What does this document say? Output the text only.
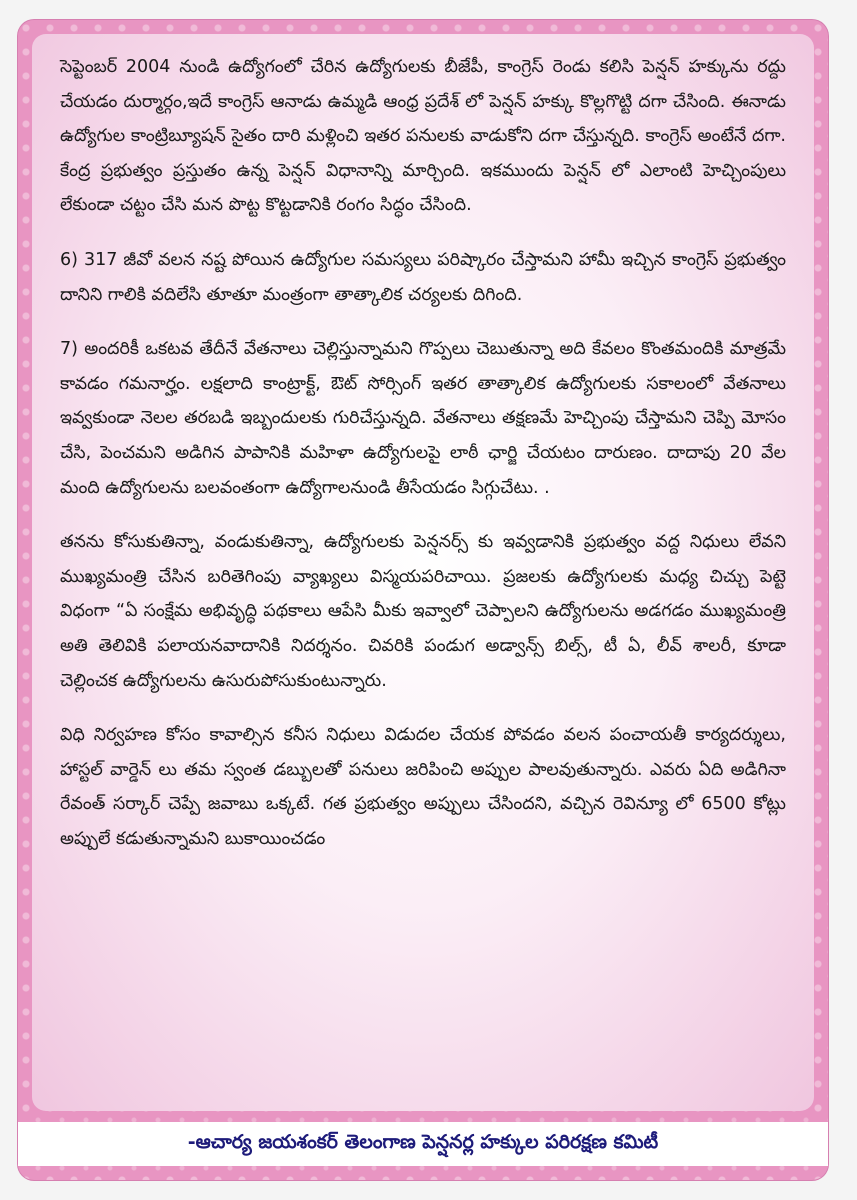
సెప్టెంబర్ 2004 నుండి ఉద్యోగంలో చేరిన ఉద్యోగులకు బీజేపీ, కాంగ్రెస్ రెండు కలిసి పెన్షన్ హక్కును రద్దు చేయడం దుర్మార్గం,ఇదే కాంగ్రెస్ ఆనాడు ఉమ్మడి ఆంధ్ర ప్రదేశ్ లో పెన్షన్ హక్కు కొల్లగొట్టి దగా చేసింది. ఈనాడు ఉద్యోగుల కాంట్రిబ్యూషన్ సైతం దారి మళ్లించి ఇతర పనులకు వాడుకోని దగా చేస్తున్నది. కాంగ్రెస్ అంటేనే దగా. కేంద్ర ప్రభుత్వం ప్రస్తుతం ఉన్న పెన్షన్ విధానాన్ని మార్చింది. ఇకముందు పెన్షన్ లో ఎలాంటి హెచ్చింపులు లేకుండా చట్టం చేసి మన పొట్ట కొట్టడానికి రంగం సిద్ధం చేసింది.

6) 317 జీవో వలన నష్ట పోయిన ఉద్యోగుల సమస్యలు పరిష్కారం చేస్తామని హామీ ఇచ్చిన కాంగ్రెస్ ప్రభుత్వం దానిని గాలికి వదిలేసి తూతూ మంత్రంగా తాత్కాలిక చర్యలకు దిగింది.

7) అందరికీ ఒకటవ తేదీనే వేతనాలు చెల్లిస్తున్నామని గొప్పలు చెబుతున్నా అది కేవలం కొంతమందికి మాత్రమే కావడం గమనార్హం. లక్షలాది కాంట్రాక్ట్, ఔట్ సోర్సింగ్ ఇతర తాత్కాలిక ఉద్యోగులకు సకాలంలో వేతనాలు ఇవ్వకుండా నెలల తరబడి ఇబ్బందులకు గురిచేస్తున్నది. వేతనాలు తక్షణమే హెచ్చింపు చేస్తామని చెప్పి మోసం చేసి, పెంచమని అడిగిన పాపానికి మహిళా ఉద్యోగులపై లాఠీ ఛార్జి చేయటం దారుణం. దాదాపు 20 వేల మంది ఉద్యోగులను బలవంతంగా ఉద్యోగాలనుండి తీసేయడం సిగ్గుచేటు. .

తనను కోసుకుతిన్నా, వండుకుతిన్నా, ఉద్యోగులకు పెన్షనర్స్ కు ఇవ్వడానికి ప్రభుత్వం వద్ద నిధులు లేవని ముఖ్యమంత్రి చేసిన బరితెగింపు వ్యాఖ్యలు విస్మయపరిచాయి. ప్రజలకు ఉద్యోగులకు మధ్య చిచ్చు పెట్టె విధంగా “ఏ సంక్షేమ అభివృద్ధి పథకాలు ఆపేసి మీకు ఇవ్వాలో చెప్పాలని ఉద్యోగులను అడగడం ముఖ్యమంత్రి అతి తెలివికి పలాయనవాదానికి నిదర్శనం. చివరికి పండుగ అడ్వాన్స్ బిల్స్, టీ ఏ, లీవ్ శాలరీ, కూడా చెల్లించక ఉద్యోగులను ఉసురుపోసుకుంటున్నారు.

విధి నిర్వహణ కోసం కావాల్సిన కనీస నిధులు విడుదల చేయక పోవడం వలన పంచాయతీ కార్యదర్శులు, హాస్టల్ వార్డెన్ లు తమ స్వంత డబ్బులతో పనులు జరిపించి అప్పుల పాలవుతున్నారు. ఎవరు ఏది అడిగినా రేవంత్ సర్కార్ చెప్పే జవాబు ఒక్కటే. గత ప్రభుత్వం అప్పులు చేసిందని, వచ్చిన రెవిన్యూ లో 6500 కోట్లు అప్పులే కడుతున్నామని బుకాయించడం

-ఆచార్య జయశంకర్ తెలంగాణ పెన్షనర్ల హక్కుల పరిరక్షణ కమిటీ
